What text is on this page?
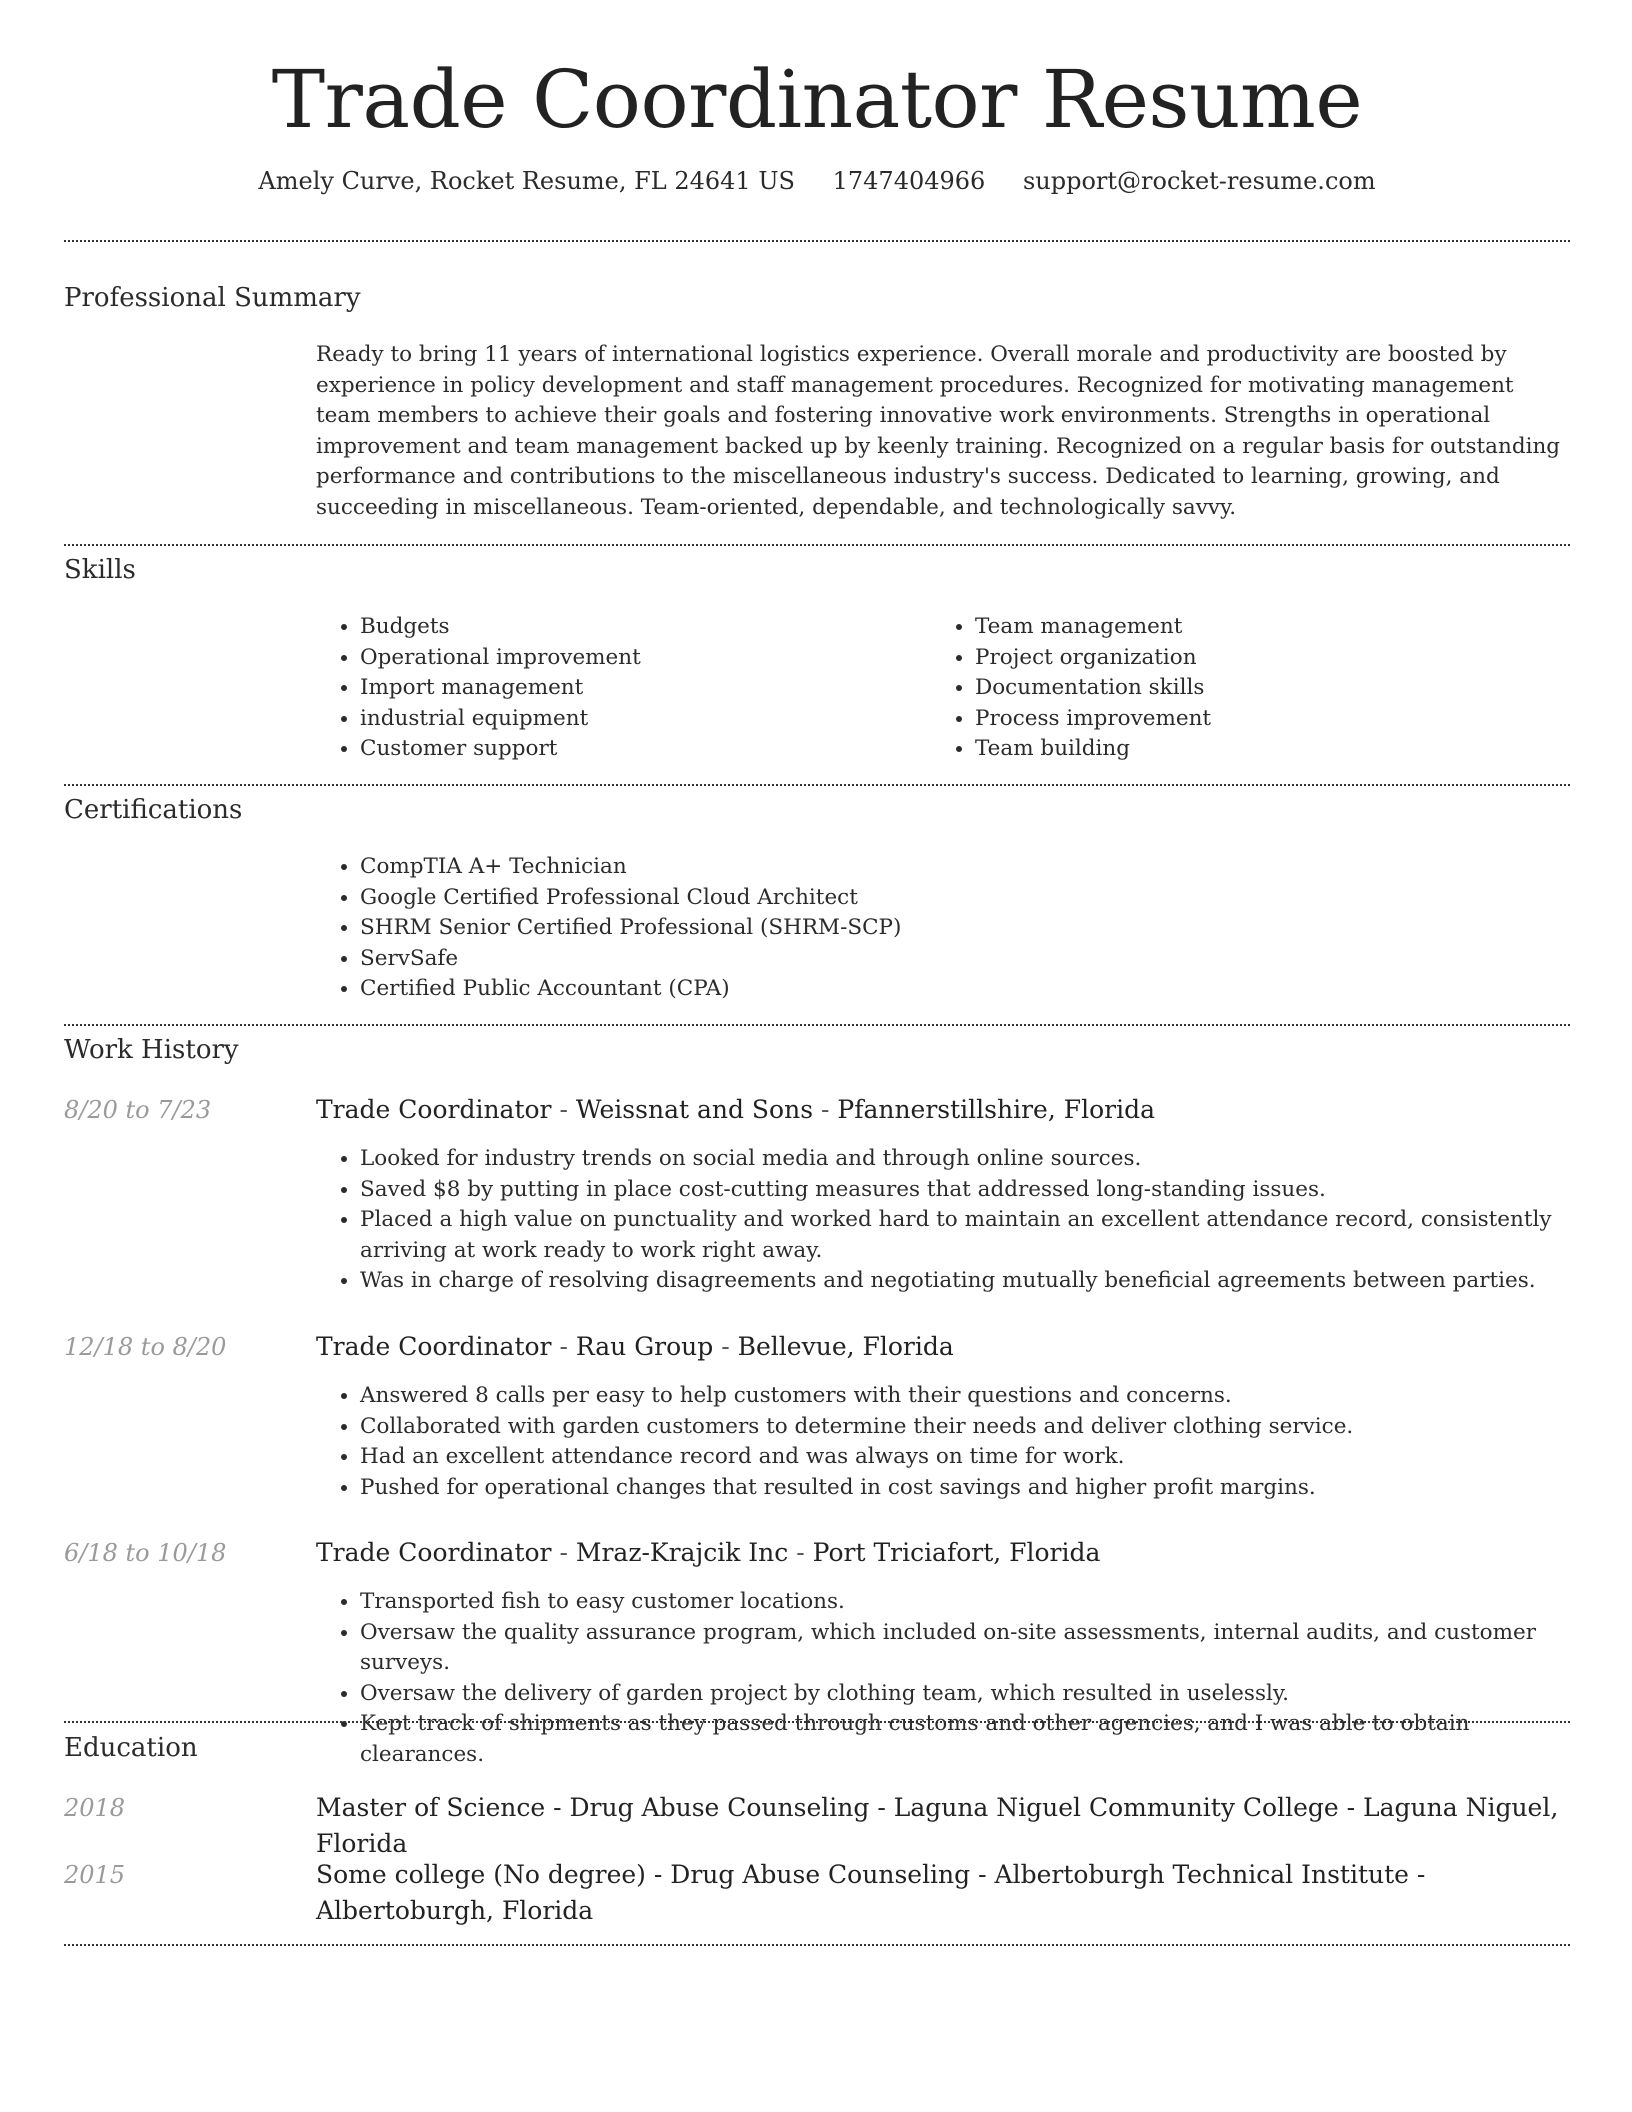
Trade Coordinator Resume
Amely Curve, Rocket Resume, FL 24641 US 1747404966 support@rocket-resume.com
Professional Summary
Ready to bring 11 years of international logistics experience. Overall morale and productivity are boosted by experience in policy development and staff management procedures. Recognized for motivating management team members to achieve their goals and fostering innovative work environments. Strengths in operational improvement and team management backed up by keenly training. Recognized on a regular basis for outstanding performance and contributions to the miscellaneous industry's success. Dedicated to learning, growing, and succeeding in miscellaneous. Team-oriented, dependable, and technologically savvy.
Skills
• Budgets
• Operational improvement
• Import management
• industrial equipment
• Customer support
• Team management
• Project organization
• Documentation skills
• Process improvement
• Team building
Certifications
• CompTIA A+ Technician
• Google Certified Professional Cloud Architect
• SHRM Senior Certified Professional (SHRM-SCP)
• ServSafe
• Certified Public Accountant (CPA)
Work History
8/20 to 7/23	Trade Coordinator - Weissnat and Sons - Pfannerstillshire, Florida
• Looked for industry trends on social media and through online sources.
• Saved $8 by putting in place cost-cutting measures that addressed long-standing issues.
• Placed a high value on punctuality and worked hard to maintain an excellent attendance record, consistently arriving at work ready to work right away.
• Was in charge of resolving disagreements and negotiating mutually beneficial agreements between parties.
12/18 to 8/20	Trade Coordinator - Rau Group - Bellevue, Florida
• Answered 8 calls per easy to help customers with their questions and concerns.
• Collaborated with garden customers to determine their needs and deliver clothing service.
• Had an excellent attendance record and was always on time for work.
• Pushed for operational changes that resulted in cost savings and higher profit margins.
6/18 to 10/18	Trade Coordinator - Mraz-Krajcik Inc - Port Triciafort, Florida
• Transported fish to easy customer locations.
• Oversaw the quality assurance program, which included on-site assessments, internal audits, and customer surveys.
• Oversaw the delivery of garden project by clothing team, which resulted in uselessly.
• Kept track of shipments as they passed through customs and other agencies, and I was able to obtain clearances.
Education
2018	Master of Science - Drug Abuse Counseling - Laguna Niguel Community College - Laguna Niguel, Florida
2015	Some college (No degree) - Drug Abuse Counseling - Albertoburgh Technical Institute - Albertoburgh, Florida
